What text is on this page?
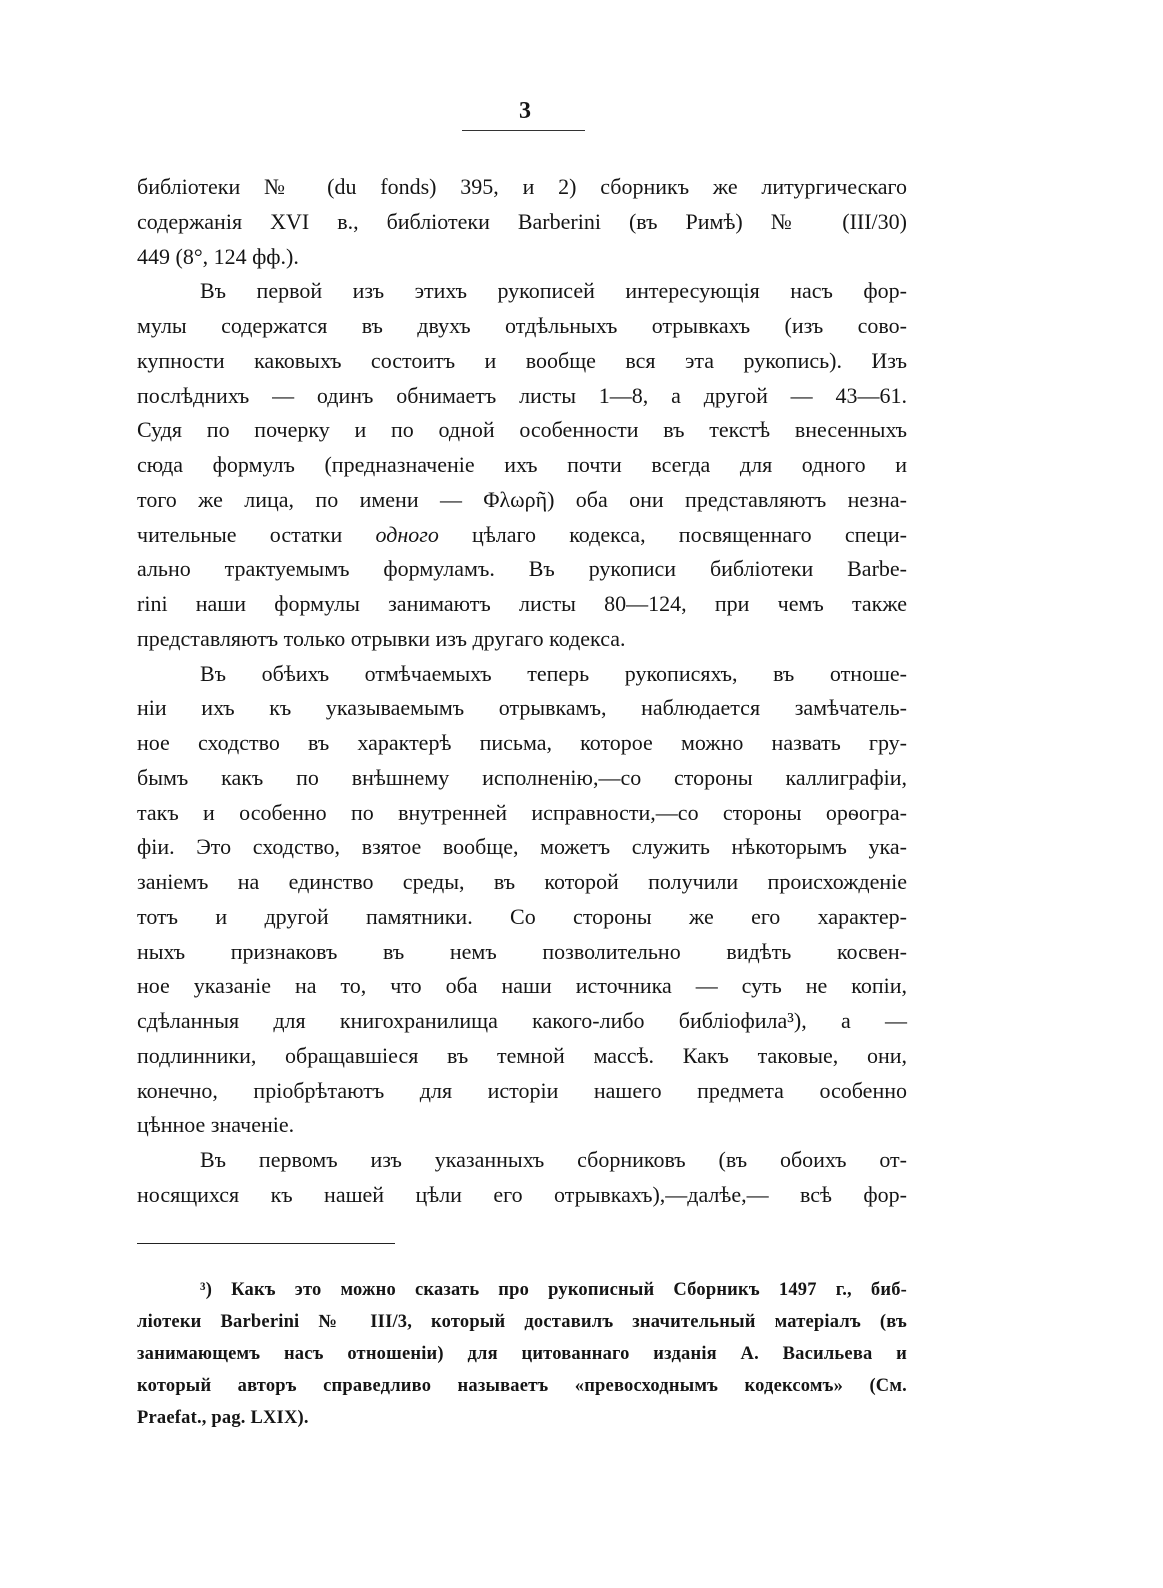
3
библіотеки № (du fonds) 395, и 2) сборникъ же литургическаго
содержанія XVI в., библіотеки Barberini (въ Римѣ) № (III/30)
449 (8°, 124 фф.).
Въ первой изъ этихъ рукописей интересующія насъ фор-
мулы содержатся въ двухъ отдѣльныхъ отрывкахъ (изъ сово-
купности каковыхъ состоитъ и вообще вся эта рукопись). Изъ
послѣднихъ — одинъ обнимаетъ листы 1—8, а другой — 43—61.
Судя по почерку и по одной особенности въ текстѣ внесенныхъ
сюда формулъ (предназначеніе ихъ почти всегда для одного и
того же лица, по имени — Φλωρῆ) оба они представляютъ незна-
чительные остатки одного цѣлаго кодекса, посвященнаго специ-
ально трактуемымъ формуламъ. Въ рукописи библіотеки Barbe-
rini наши формулы занимаютъ листы 80—124, при чемъ также
представляютъ только отрывки изъ другаго кодекса.
Въ обѣихъ отмѣчаемыхъ теперь рукописяхъ, въ отноше-
ніи ихъ къ указываемымъ отрывкамъ, наблюдается замѣчатель-
ное сходство въ характерѣ письма, которое можно назвать гру-
бымъ какъ по внѣшнему исполненію,—со стороны каллиграфіи,
такъ и особенно по внутренней исправности,—со стороны орѳогра-
фіи. Это сходство, взятое вообще, можетъ служить нѣкоторымъ ука-
заніемъ на единство среды, въ которой получили происхожденіе
тотъ и другой памятники. Со стороны же его характер-
ныхъ признаковъ въ немъ позволительно видѣть косвен-
ное указаніе на то, что оба наши источника — суть не копіи,
сдѣланныя для книгохранилища какого-либо библіофила³), а —
подлинники, обращавшіеся въ темной массѣ. Какъ таковые, они,
конечно, пріобрѣтаютъ для исторіи нашего предмета особенно
цѣнное значеніе.
Въ первомъ изъ указанныхъ сборниковъ (въ обоихъ от-
носящихся къ нашей цѣли его отрывкахъ),—далѣе,— всѣ фор-
³) Какъ это можно сказать про рукописный Сборникъ 1497 г., биб-
ліотеки Barberini № III/3, который доставилъ значительный матеріалъ (въ
занимающемъ насъ отношеніи) для цитованнаго изданія А. Васильева и
который авторъ справедливо называетъ «превосходнымъ кодексомъ» (См.
Praefat., pag. LXIX).
